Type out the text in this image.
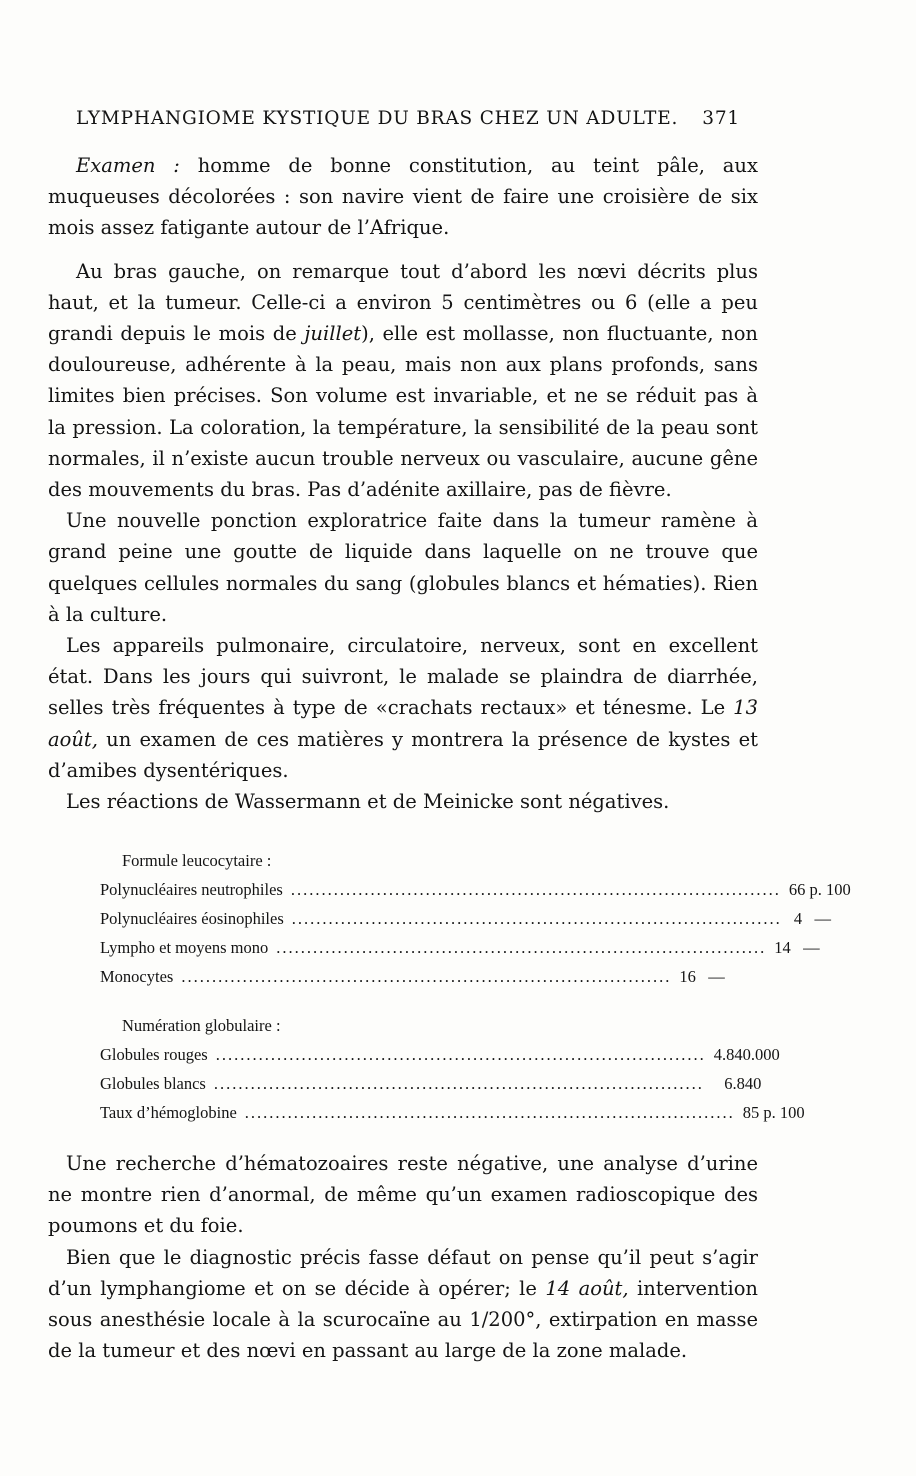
LYMPHANGIOME KYSTIQUE DU BRAS CHEZ UN ADULTE. 371

Examen : homme de bonne constitution, au teint pâle, aux muqueuses décolorées : son navire vient de faire une croisière de six mois assez fatigante autour de l’Afrique.

Au bras gauche, on remarque tout d’abord les nœvi décrits plus haut, et la tumeur. Celle-ci a environ 5 centimètres ou 6 (elle a peu grandi depuis le mois de juillet), elle est mollasse, non fluctuante, non douloureuse, adhérente à la peau, mais non aux plans profonds, sans limites bien précises. Son volume est invariable, et ne se réduit pas à la pression. La coloration, la température, la sensibilité de la peau sont normales, il n’existe aucun trouble nerveux ou vasculaire, aucune gêne des mouvements du bras. Pas d’adénite axillaire, pas de fièvre.

Une nouvelle ponction exploratrice faite dans la tumeur ramène à grand peine une goutte de liquide dans laquelle on ne trouve que quelques cellules normales du sang (globules blancs et hématies). Rien à la culture.

Les appareils pulmonaire, circulatoire, nerveux, sont en excellent état. Dans les jours qui suivront, le malade se plaindra de diarrhée, selles très fréquentes à type de «crachats rectaux» et ténesme. Le 13 août, un examen de ces matières y montrera la présence de kystes et d’amibes dysentériques.

Les réactions de Wassermann et de Meinicke sont négatives.

Formule leucocytaire :
Polynucléaires neutrophiles ................................................................................ 66 p. 100
Polynucléaires éosinophiles ................................................................................ 4   —
Lympho et moyens mono ................................................................................ 14   —
Monocytes ................................................................................ 16   —
Numération globulaire :
Globules rouges ................................................................................ 4.840.000
Globules blancs ................................................................................ 6.840
Taux d’hémoglobine ................................................................................ 85 p. 100

Une recherche d’hématozoaires reste négative, une analyse d’urine ne montre rien d’anormal, de même qu’un examen radioscopique des poumons et du foie.

Bien que le diagnostic précis fasse défaut on pense qu’il peut s’agir d’un lymphangiome et on se décide à opérer; le 14 août, intervention sous anesthésie locale à la scurocaïne au 1/200°, extirpation en masse de la tumeur et des nœvi en passant au large de la zone malade.
